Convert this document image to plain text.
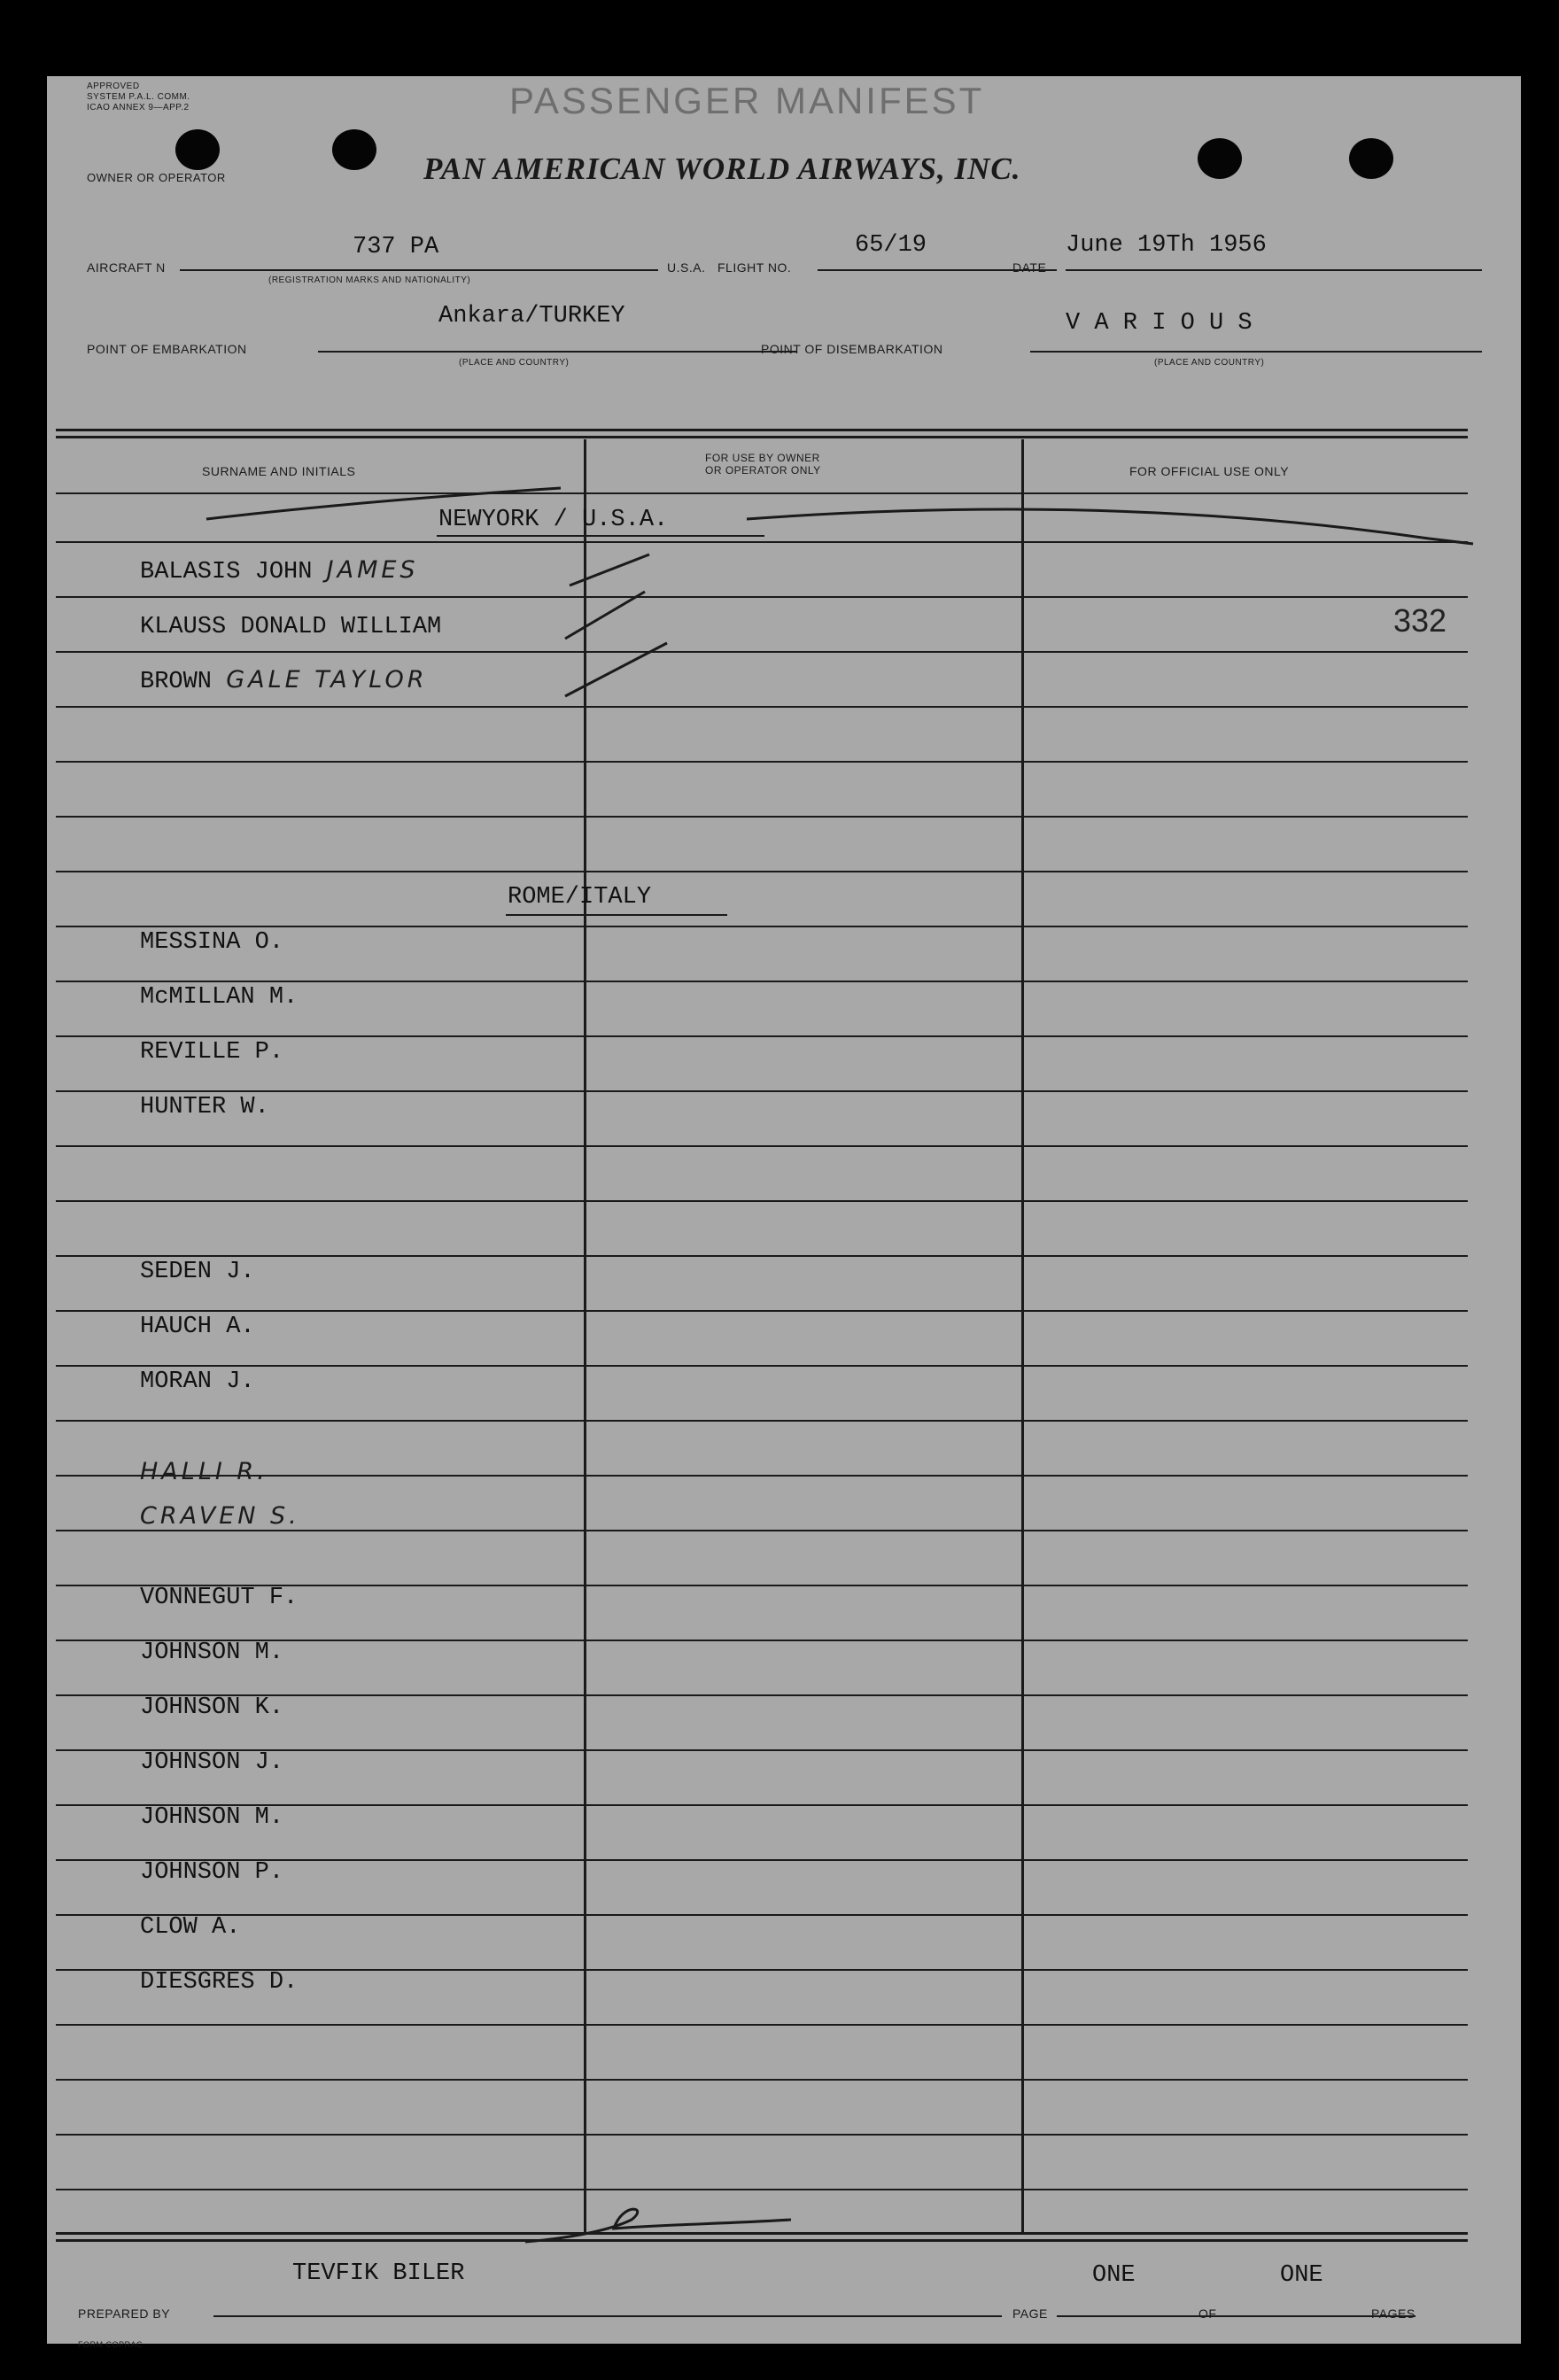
APPROVED
SYSTEM P.A.L. COMM.
ICAO ANNEX 9—APP.2	PASSENGER MANIFEST
OWNER OR OPERATOR	PAN AMERICAN WORLD AIRWAYS, INC.
AIRCRAFT N
737 PA
(REGISTRATION MARKS AND NATIONALITY)
U.S.A. FLIGHT NO.
65/19
DATE
June 19Th 1956
POINT OF EMBARKATION
Ankara/TURKEY
(PLACE AND COUNTRY)
POINT OF DISEMBARKATION
V A R I O U S
(PLACE AND COUNTRY)
SURNAME AND INITIALS
FOR USE BY OWNER
OR OPERATOR ONLY	FOR OFFICIAL USE ONLY
NEWYORK / U.S.A.
BALASIS JOHN JAMES
KLAUSS DONALD WILLIAM
BROWN GALE TAYLOR
332
ROME/ITALY
MESSINA O.
McMILLAN M.
REVILLE P.
HUNTER W.
SEDEN J.
HAUCH A.
MORAN J.
HALLI R.
CRAVEN S.
VONNEGUT F.
JOHNSON M.
JOHNSON K.
JOHNSON J.
JOHNSON M.
JOHNSON P.
CLOW A.
DIESGRES D.
PREPARED BY
TEVFIK BILER
PAGE
ONE
OF
ONE
PAGES
FORM COPRAC
